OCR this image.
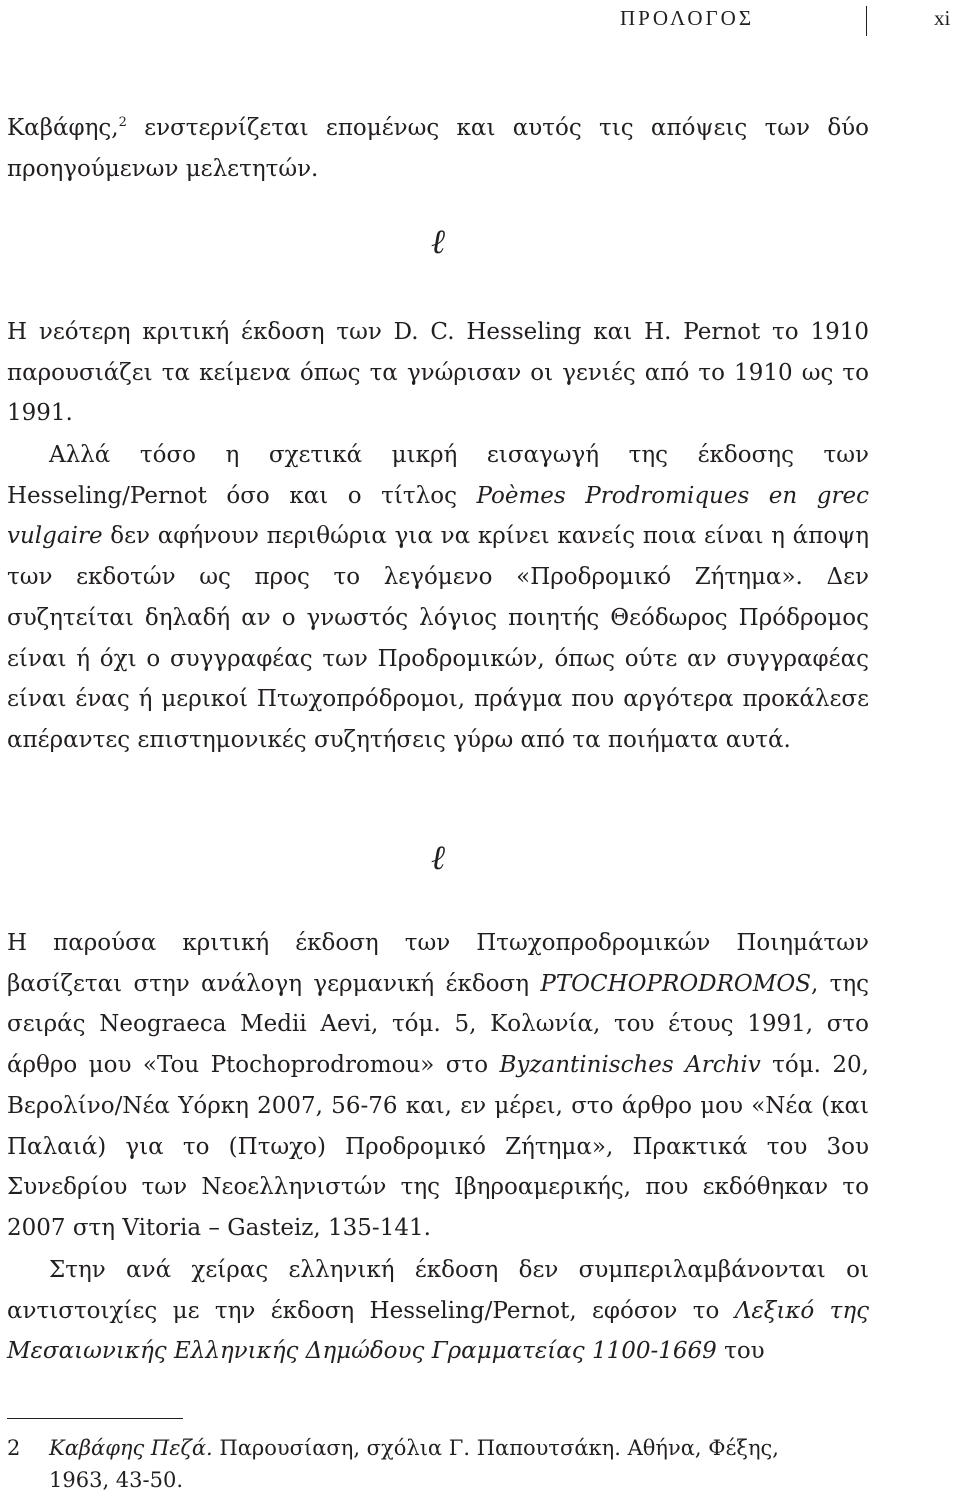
ΠΡΟΛΟΓΟΣ	xi
Καβάφης,$^2$ ενστερνίζεται επομένως και αυτός τις απόψεις των δύο προηγούμενων μελετητών.
ℓ
Η νεότερη κριτική έκδοση των D. C. Hesseling και H. Pernot το 1910 παρουσιάζει τα κείμενα όπως τα γνώρισαν οι γενιές από το 1910 ως το 1991.
Αλλά τόσο η σχετικά μικρή εισαγωγή της έκδοσης των Hesseling/Pernot όσο και ο τίτλος Poèmes Prodromiques en grec vulgaire δεν αφήνουν περιθώρια για να κρίνει κανείς ποια είναι η άποψη των εκδοτών ως προς το λεγόμενο «Προδρομικό Ζήτημα». Δεν συζητείται δηλαδή αν ο γνωστός λόγιος ποιητής Θεόδωρος Πρόδρομος είναι ή όχι ο συγγραφέας των Προδρομικών, όπως ούτε αν συγγραφέας είναι ένας ή μερικοί Πτωχοπρόδρομοι, πράγμα που αργότερα προκάλεσε απέραντες επιστημονικές συζητήσεις γύρω από τα ποιήματα αυτά.
ℓ
Η παρούσα κριτική έκδοση των Πτωχοπροδρομικών Ποιημάτων βασίζεται στην ανάλογη γερμανική έκδοση PTOCHOPRODROMOS, της σειράς Neograeca Medii Aevi, τόμ. 5, Κολωνία, του έτους 1991, στο άρθρο μου «Tou Ptochoprodromou» στο Byzantinisches Archiv τόμ. 20, Βερολίνο/Νέα Υόρκη 2007, 56-76 και, εν μέρει, στο άρθρο μου «Νέα (και Παλαιά) για το (Πτωχο) Προδρομικό Ζήτημα», Πρακτικά του 3ου Συνεδρίου των Νεοελληνιστών της Ιβηροαμερικής, που εκδόθηκαν το 2007 στη Vitoria – Gasteiz, 135-141.
Στην ανά χείρας ελληνική έκδοση δεν συμπεριλαμβάνονται οι αντιστοιχίες με την έκδοση Hesseling/Pernot, εφόσον το Λεξικό της Μεσαιωνικής Ελληνικής Δημώδους Γραμματείας 1100-1669 του
2 Καβάφης Πεζά. Παρουσίαση, σχόλια Γ. Παπουτσάκη. Αθήνα, Φέξης,
1963, 43-50.
